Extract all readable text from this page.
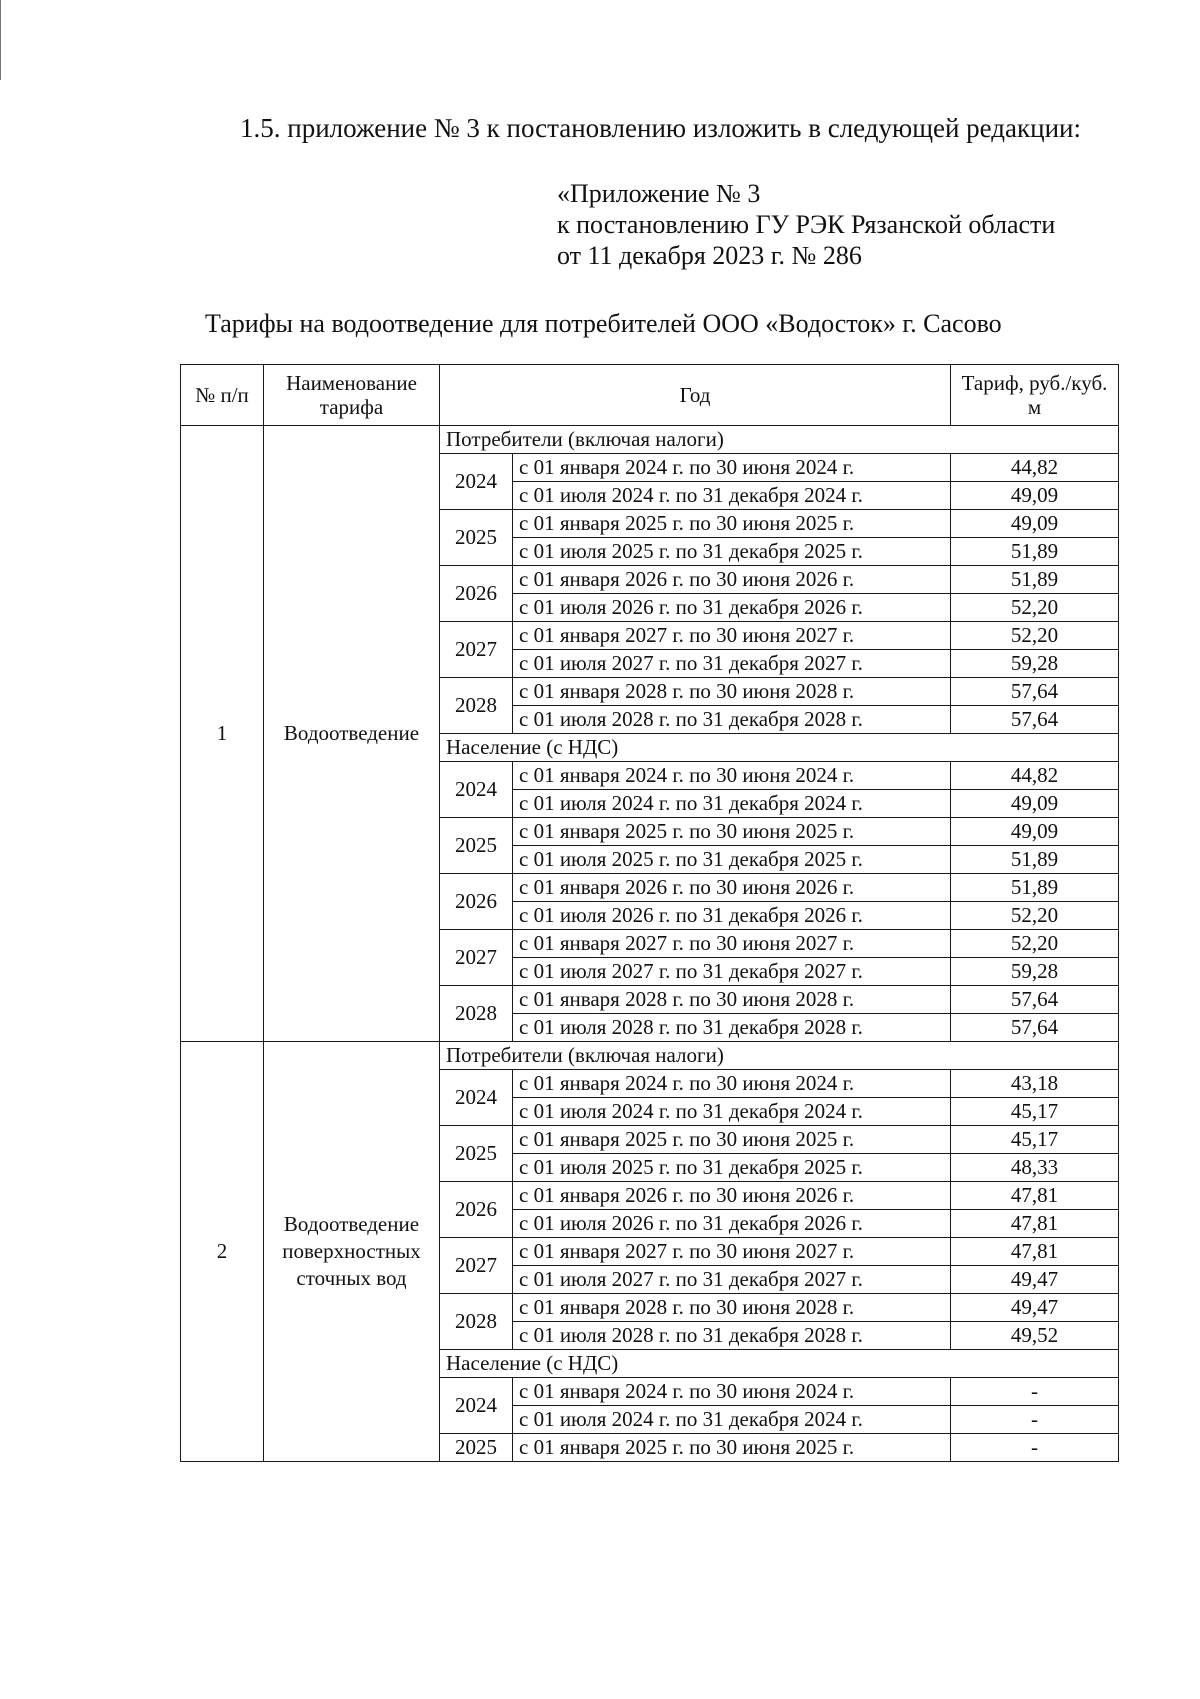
1.5. приложение № 3 к постановлению изложить в следующей редакции:
«Приложение № 3
к постановлению ГУ РЭК Рязанской области
от 11 декабря 2023 г. № 286
Тарифы на водоотведение для потребителей ООО «Водосток» г. Сасово
№ п/п	Наименование тарифа	Год		Тариф, руб./куб. м
1	Водоотведение	Потребители (включая налоги)		
		2024	с 01 января 2024 г. по 30 июня 2024 г.	44,82
			с 01 июля 2024 г. по 31 декабря 2024 г.	49,09
		2025	с 01 января 2025 г. по 30 июня 2025 г.	49,09
			с 01 июля 2025 г. по 31 декабря 2025 г.	51,89
		2026	с 01 января 2026 г. по 30 июня 2026 г.	51,89
			с 01 июля 2026 г. по 31 декабря 2026 г.	52,20
		2027	с 01 января 2027 г. по 30 июня 2027 г.	52,20
			с 01 июля 2027 г. по 31 декабря 2027 г.	59,28
		2028	с 01 января 2028 г. по 30 июня 2028 г.	57,64
			с 01 июля 2028 г. по 31 декабря 2028 г.	57,64
		Население (с НДС)		
		2024	с 01 января 2024 г. по 30 июня 2024 г.	44,82
			с 01 июля 2024 г. по 31 декабря 2024 г.	49,09
		2025	с 01 января 2025 г. по 30 июня 2025 г.	49,09
			с 01 июля 2025 г. по 31 декабря 2025 г.	51,89
		2026	с 01 января 2026 г. по 30 июня 2026 г.	51,89
			с 01 июля 2026 г. по 31 декабря 2026 г.	52,20
		2027	с 01 января 2027 г. по 30 июня 2027 г.	52,20
			с 01 июля 2027 г. по 31 декабря 2027 г.	59,28
		2028	с 01 января 2028 г. по 30 июня 2028 г.	57,64
			с 01 июля 2028 г. по 31 декабря 2028 г.	57,64
2	Водоотведение поверхностных сточных вод	Потребители (включая налоги)		
		2024	с 01 января 2024 г. по 30 июня 2024 г.	43,18
			с 01 июля 2024 г. по 31 декабря 2024 г.	45,17
		2025	с 01 января 2025 г. по 30 июня 2025 г.	45,17
			с 01 июля 2025 г. по 31 декабря 2025 г.	48,33
		2026	с 01 января 2026 г. по 30 июня 2026 г.	47,81
			с 01 июля 2026 г. по 31 декабря 2026 г.	47,81
		2027	с 01 января 2027 г. по 30 июня 2027 г.	47,81
			с 01 июля 2027 г. по 31 декабря 2027 г.	49,47
		2028	с 01 января 2028 г. по 30 июня 2028 г.	49,47
			с 01 июля 2028 г. по 31 декабря 2028 г.	49,52
		Население (с НДС)		
		2024	с 01 января 2024 г. по 30 июня 2024 г.	-
			с 01 июля 2024 г. по 31 декабря 2024 г.	-
		2025	с 01 января 2025 г. по 30 июня 2025 г.	-
